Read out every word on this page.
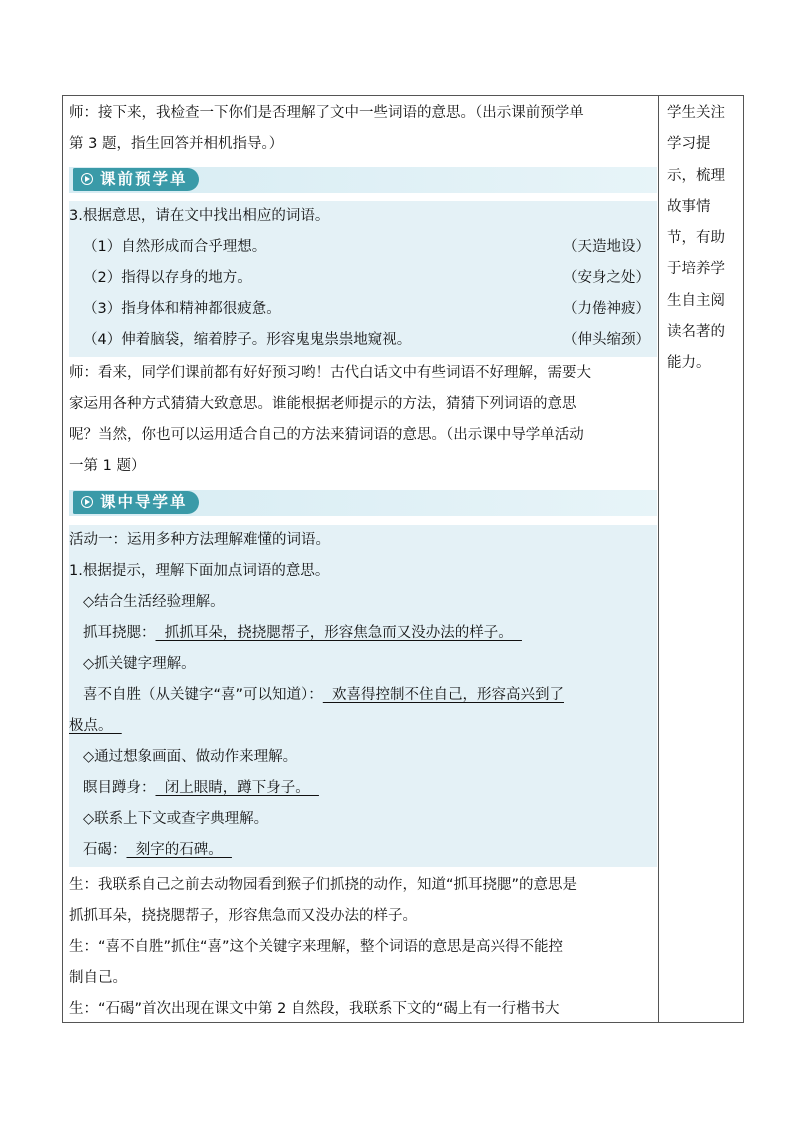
师：接下来，我检查一下你们是否理解了文中一些词语的意思。（出示课前预学单
第 3 题，指生回答并相机指导。）
课前预学单
3.根据意思，请在文中找出相应的词语。
（1）自然形成而合乎理想。	（天造地设）
（2）指得以存身的地方。	（安身之处）
（3）指身体和精神都很疲惫。	（力倦神疲）
（4）伸着脑袋，缩着脖子。形容鬼鬼祟祟地窥视。	（伸头缩颈）
师：看来，同学们课前都有好好预习哟！古代白话文中有些词语不好理解，需要大
家运用各种方式猜猜大致意思。谁能根据老师提示的方法，猜猜下列词语的意思
呢？当然，你也可以运用适合自己的方法来猜词语的意思。（出示课中导学单活动
一第 1 题）
课中导学单
活动一：运用多种方法理解难懂的词语。
1.根据提示，理解下面加点词语的意思。
◇结合生活经验理解。
抓耳挠腮：  抓抓耳朵，挠挠腮帮子，形容焦急而又没办法的样子。
◇抓关键字理解。
喜不自胜（从关键字“喜”可以知道）：  欢喜得控制不住自己，形容高兴到了
极点。
◇通过想象画面、做动作来理解。
瞑目蹲身：  闭上眼睛，蹲下身子。
◇联系上下文或查字典理解。
石碣：  刻字的石碑。
生：我联系自己之前去动物园看到猴子们抓挠的动作，知道“抓耳挠腮”的意思是
抓抓耳朵，挠挠腮帮子，形容焦急而又没办法的样子。
生：“喜不自胜”抓住“喜”这个关键字来理解，整个词语的意思是高兴得不能控
制自己。
生：“石碣”首次出现在课文中第 2 自然段，我联系下文的“碣上有一行楷书大
学生关注
学习提
示，梳理
故事情
节，有助
于培养学
生自主阅
读名著的
能力。
